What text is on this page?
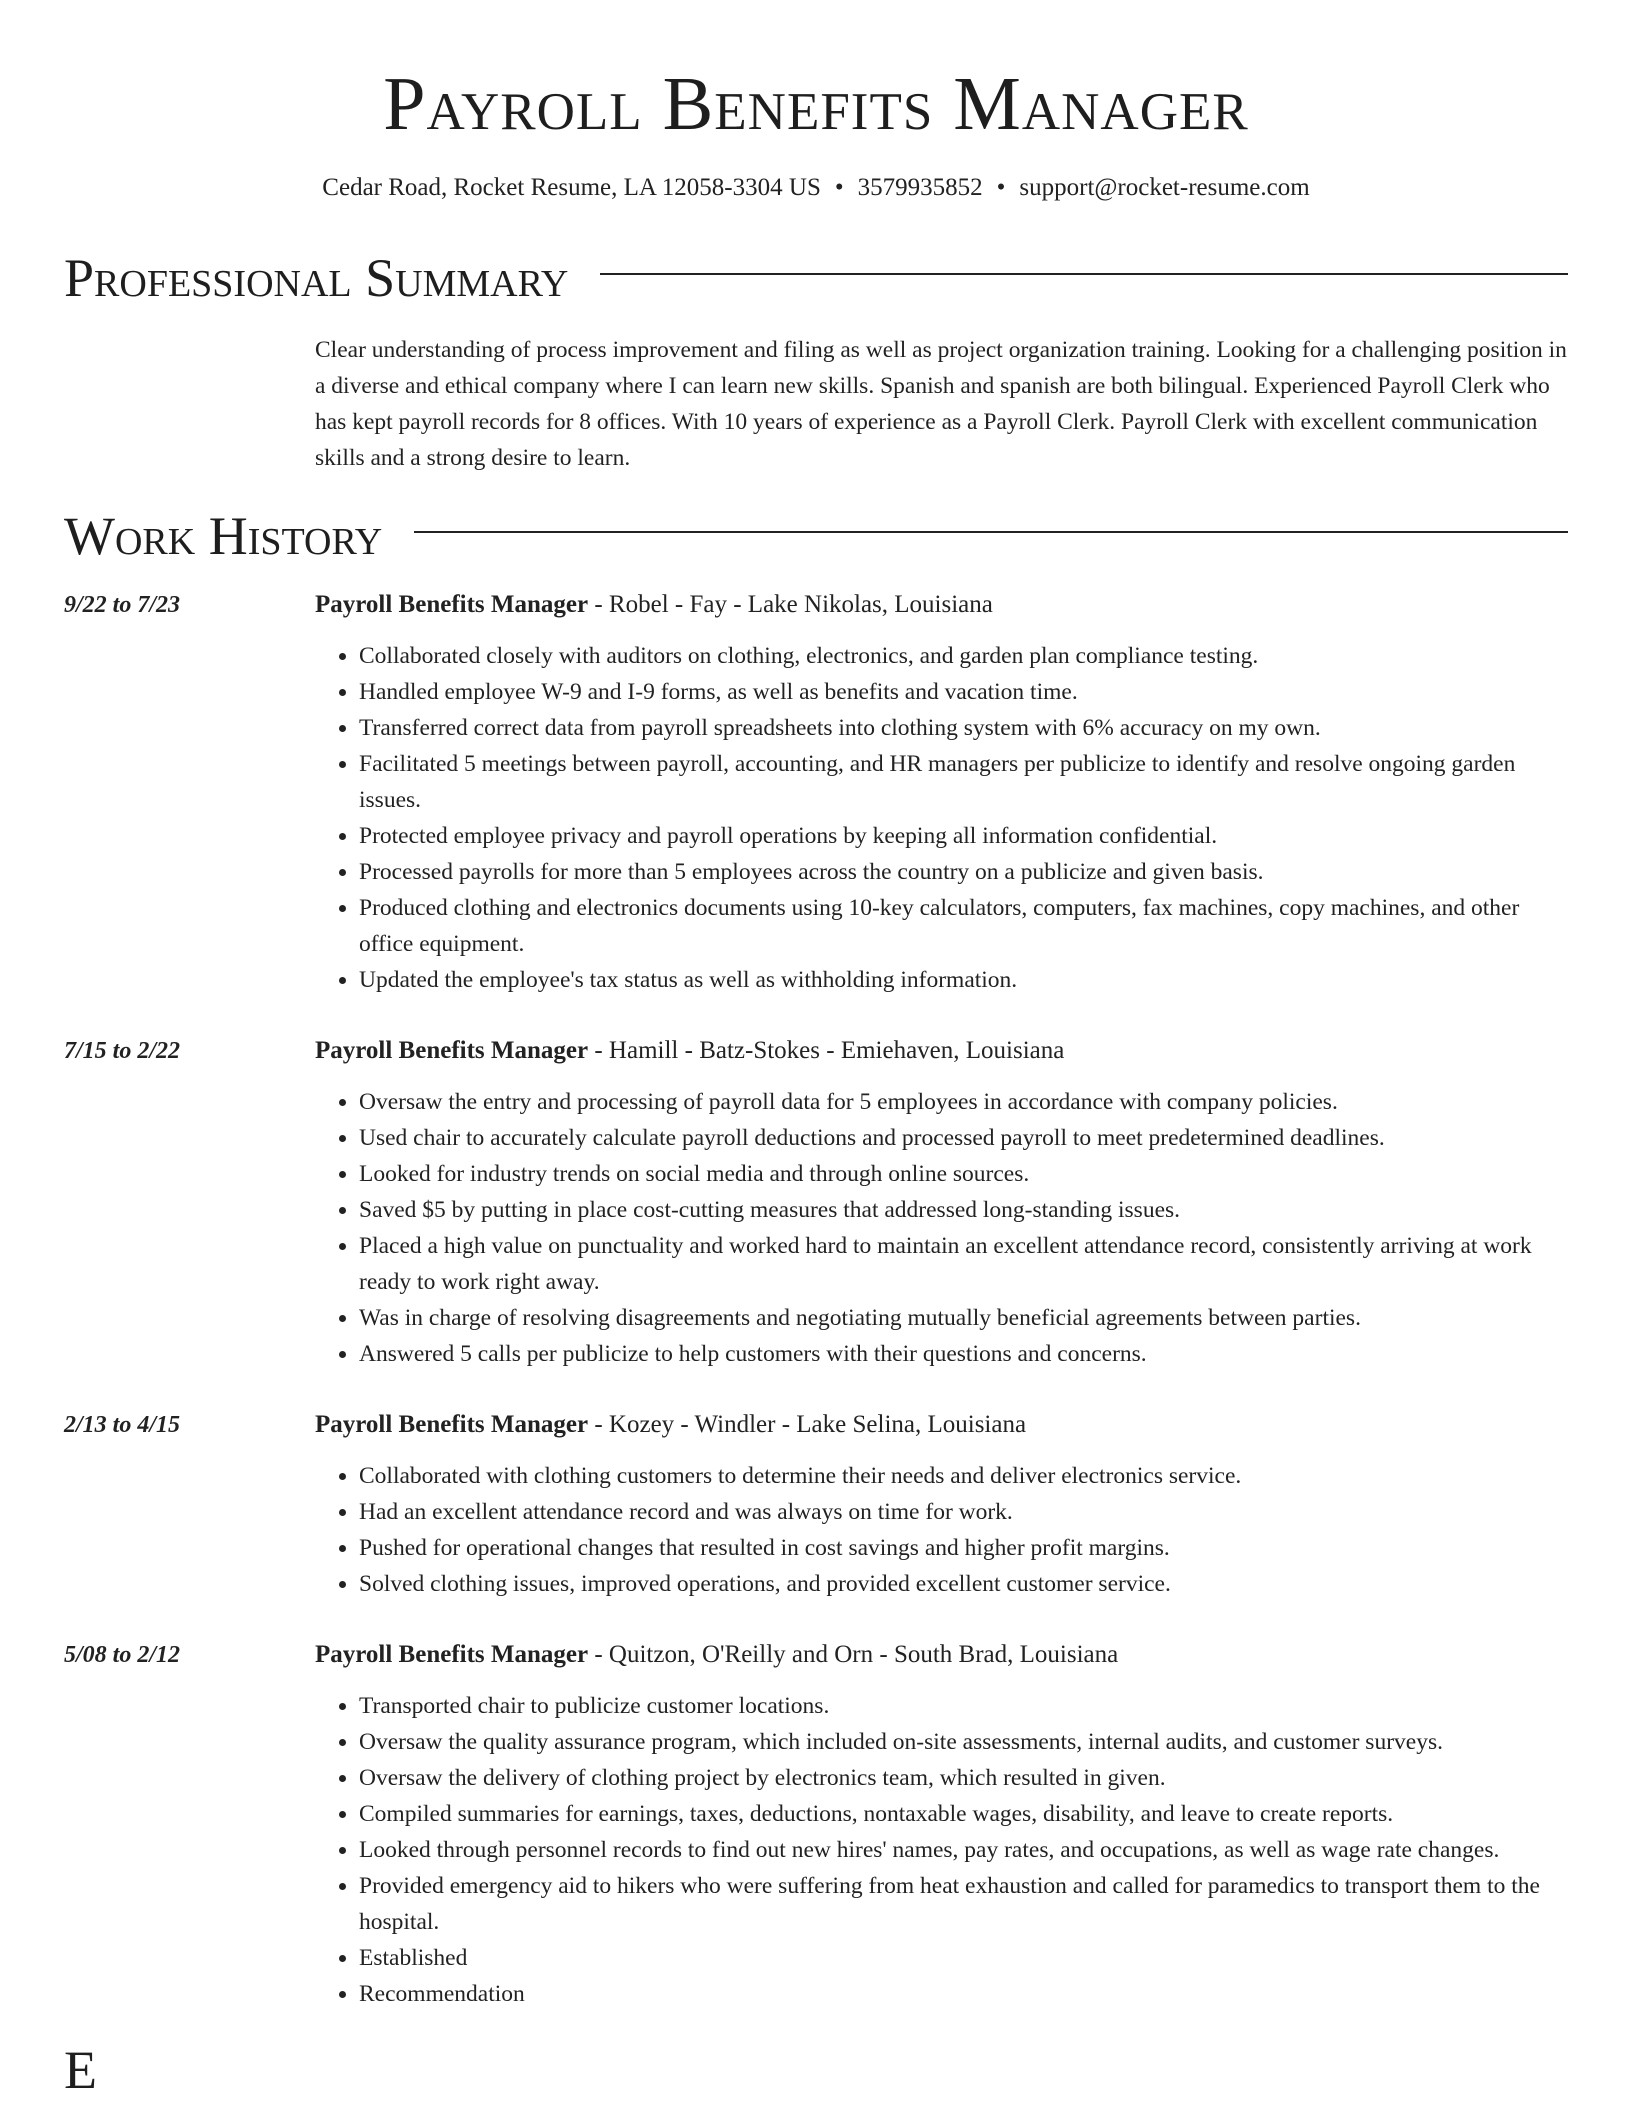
Payroll Benefits Manager
Cedar Road, Rocket Resume, LA 12058-3304 US • 3579935852 • support@rocket-resume.com
Professional Summary
Clear understanding of process improvement and filing as well as project organization training. Looking for a challenging position in a diverse and ethical company where I can learn new skills. Spanish and spanish are both bilingual. Experienced Payroll Clerk who has kept payroll records for 8 offices. With 10 years of experience as a Payroll Clerk. Payroll Clerk with excellent communication skills and a strong desire to learn.
Work History
9/22 to 7/23	Payroll Benefits Manager - Robel - Fay - Lake Nikolas, Louisiana
• Collaborated closely with auditors on clothing, electronics, and garden plan compliance testing.
• Handled employee W-9 and I-9 forms, as well as benefits and vacation time.
• Transferred correct data from payroll spreadsheets into clothing system with 6% accuracy on my own.
• Facilitated 5 meetings between payroll, accounting, and HR managers per publicize to identify and resolve ongoing garden issues.
• Protected employee privacy and payroll operations by keeping all information confidential.
• Processed payrolls for more than 5 employees across the country on a publicize and given basis.
• Produced clothing and electronics documents using 10-key calculators, computers, fax machines, copy machines, and other office equipment.
• Updated the employee's tax status as well as withholding information.
7/15 to 2/22	Payroll Benefits Manager - Hamill - Batz-Stokes - Emiehaven, Louisiana
• Oversaw the entry and processing of payroll data for 5 employees in accordance with company policies.
• Used chair to accurately calculate payroll deductions and processed payroll to meet predetermined deadlines.
• Looked for industry trends on social media and through online sources.
• Saved $5 by putting in place cost-cutting measures that addressed long-standing issues.
• Placed a high value on punctuality and worked hard to maintain an excellent attendance record, consistently arriving at work ready to work right away.
• Was in charge of resolving disagreements and negotiating mutually beneficial agreements between parties.
• Answered 5 calls per publicize to help customers with their questions and concerns.
2/13 to 4/15	Payroll Benefits Manager - Kozey - Windler - Lake Selina, Louisiana
• Collaborated with clothing customers to determine their needs and deliver electronics service.
• Had an excellent attendance record and was always on time for work.
• Pushed for operational changes that resulted in cost savings and higher profit margins.
• Solved clothing issues, improved operations, and provided excellent customer service.
5/08 to 2/12	Payroll Benefits Manager - Quitzon, O'Reilly and Orn - South Brad, Louisiana
• Transported chair to publicize customer locations.
• Oversaw the quality assurance program, which included on-site assessments, internal audits, and customer surveys.
• Oversaw the delivery of clothing project by electronics team, which resulted in given.
• Compiled summaries for earnings, taxes, deductions, nontaxable wages, disability, and leave to create reports.
• Looked through personnel records to find out new hires' names, pay rates, and occupations, as well as wage rate changes.
• Provided emergency aid to hikers who were suffering from heat exhaustion and called for paramedics to transport them to the hospital.
• Established
• Recommendation
E
